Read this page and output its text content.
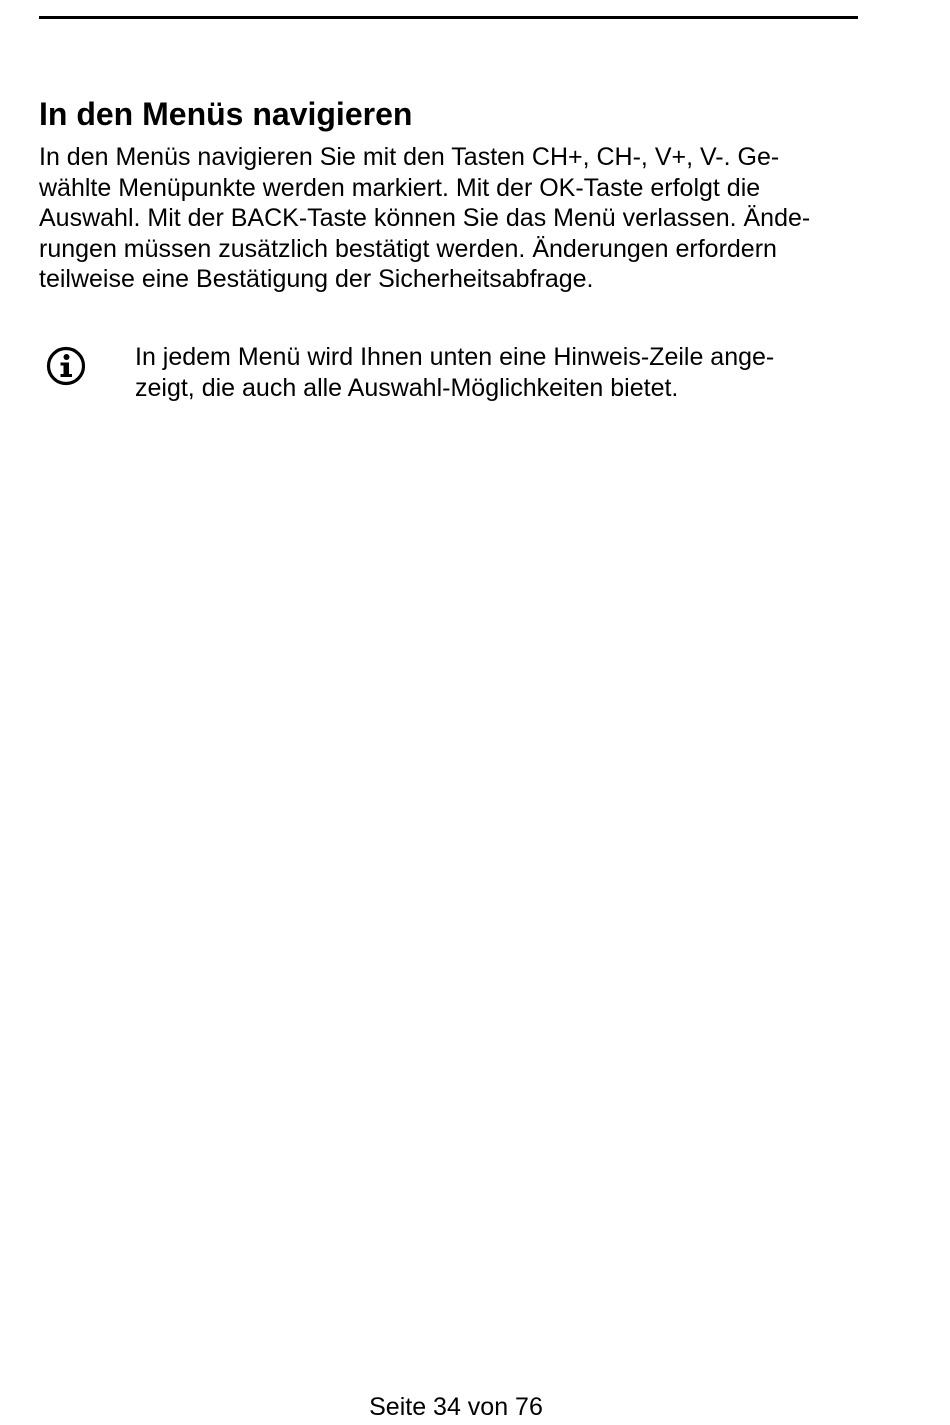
In den Menüs navigieren
In den Menüs navigieren Sie mit den Tasten CH+, CH-, V+, V-. Ge-
wählte Menüpunkte werden markiert. Mit der OK-Taste erfolgt die
Auswahl. Mit der BACK-Taste können Sie das Menü verlassen. Ände-
rungen müssen zusätzlich bestätigt werden. Änderungen erfordern
teilweise eine Bestätigung der Sicherheitsabfrage.
In jedem Menü wird Ihnen unten eine Hinweis-Zeile ange-
zeigt, die auch alle Auswahl-Möglichkeiten bietet.
Seite 34 von 76
